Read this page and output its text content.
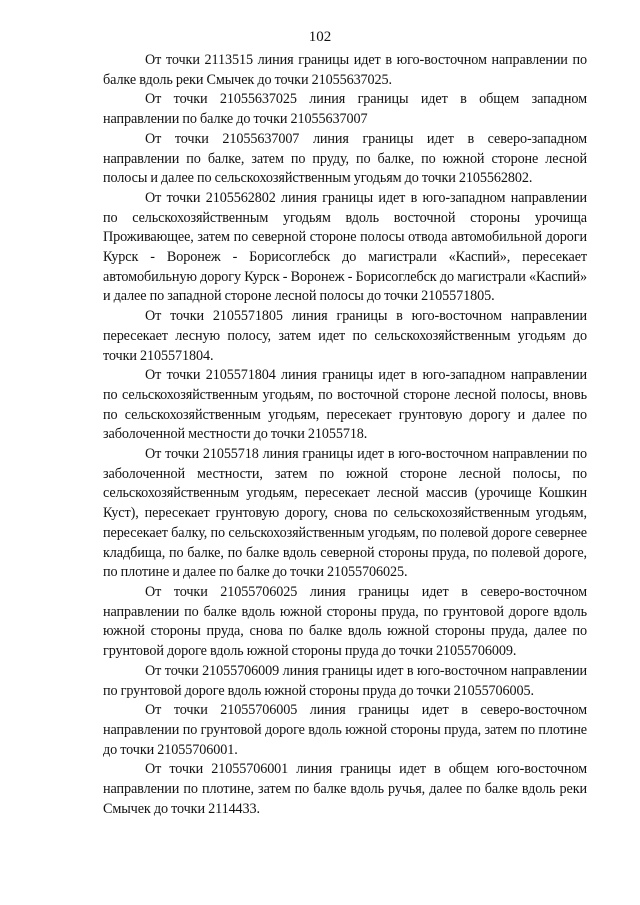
102

От точки 2113515 линия границы идет в юго-восточном направлении по балке вдоль реки Смычек до точки 21055637025.

От точки 21055637025 линия границы идет в общем западном направлении по балке до точки 21055637007

От точки 21055637007 линия границы идет в северо-западном направлении по балке, затем по пруду, по балке, по южной стороне лесной полосы и далее по сельскохозяйственным угодьям до точки 2105562802.

От точки 2105562802 линия границы идет в юго-западном направлении по сельскохозяйственным угодьям вдоль восточной стороны урочища Проживающее, затем по северной стороне полосы отвода автомобильной дороги Курск - Воронеж - Борисоглебск до магистрали «Каспий», пересекает автомобильную дорогу Курск - Воронеж - Борисоглебск до магистрали «Каспий» и далее по западной стороне лесной полосы до точки 2105571805.

От точки 2105571805 линия границы в юго-восточном направлении пересекает лесную полосу, затем идет по сельскохозяйственным угодьям до точки 2105571804.

От точки 2105571804 линия границы идет в юго-западном направлении по сельскохозяйственным угодьям, по восточной стороне лесной полосы, вновь по сельскохозяйственным угодьям, пересекает грунтовую дорогу и далее по заболоченной местности до точки 21055718.

От точки 21055718 линия границы идет в юго-восточном направлении по заболоченной местности, затем по южной стороне лесной полосы, по сельскохозяйственным угодьям, пересекает лесной массив (урочище Кошкин Куст), пересекает грунтовую дорогу, снова по сельскохозяйственным угодьям, пересекает балку, по сельскохозяйственным угодьям, по полевой дороге севернее кладбища, по балке, по балке вдоль северной стороны пруда, по полевой дороге, по плотине и далее по балке до точки 21055706025.

От точки 21055706025 линия границы идет в северо-восточном направлении по балке вдоль южной стороны пруда, по грунтовой дороге вдоль южной стороны пруда, снова по балке вдоль южной стороны пруда, далее по грунтовой дороге вдоль южной стороны пруда до точки 21055706009.

От точки 21055706009 линия границы идет в юго-восточном направлении по грунтовой дороге вдоль южной стороны пруда до точки 21055706005.

От точки 21055706005 линия границы идет в северо-восточном направлении по грунтовой дороге вдоль южной стороны пруда, затем по плотине до точки 21055706001.

От точки 21055706001 линия границы идет в общем юго-восточном направлении по плотине, затем по балке вдоль ручья, далее по балке вдоль реки Смычек до точки 2114433.
